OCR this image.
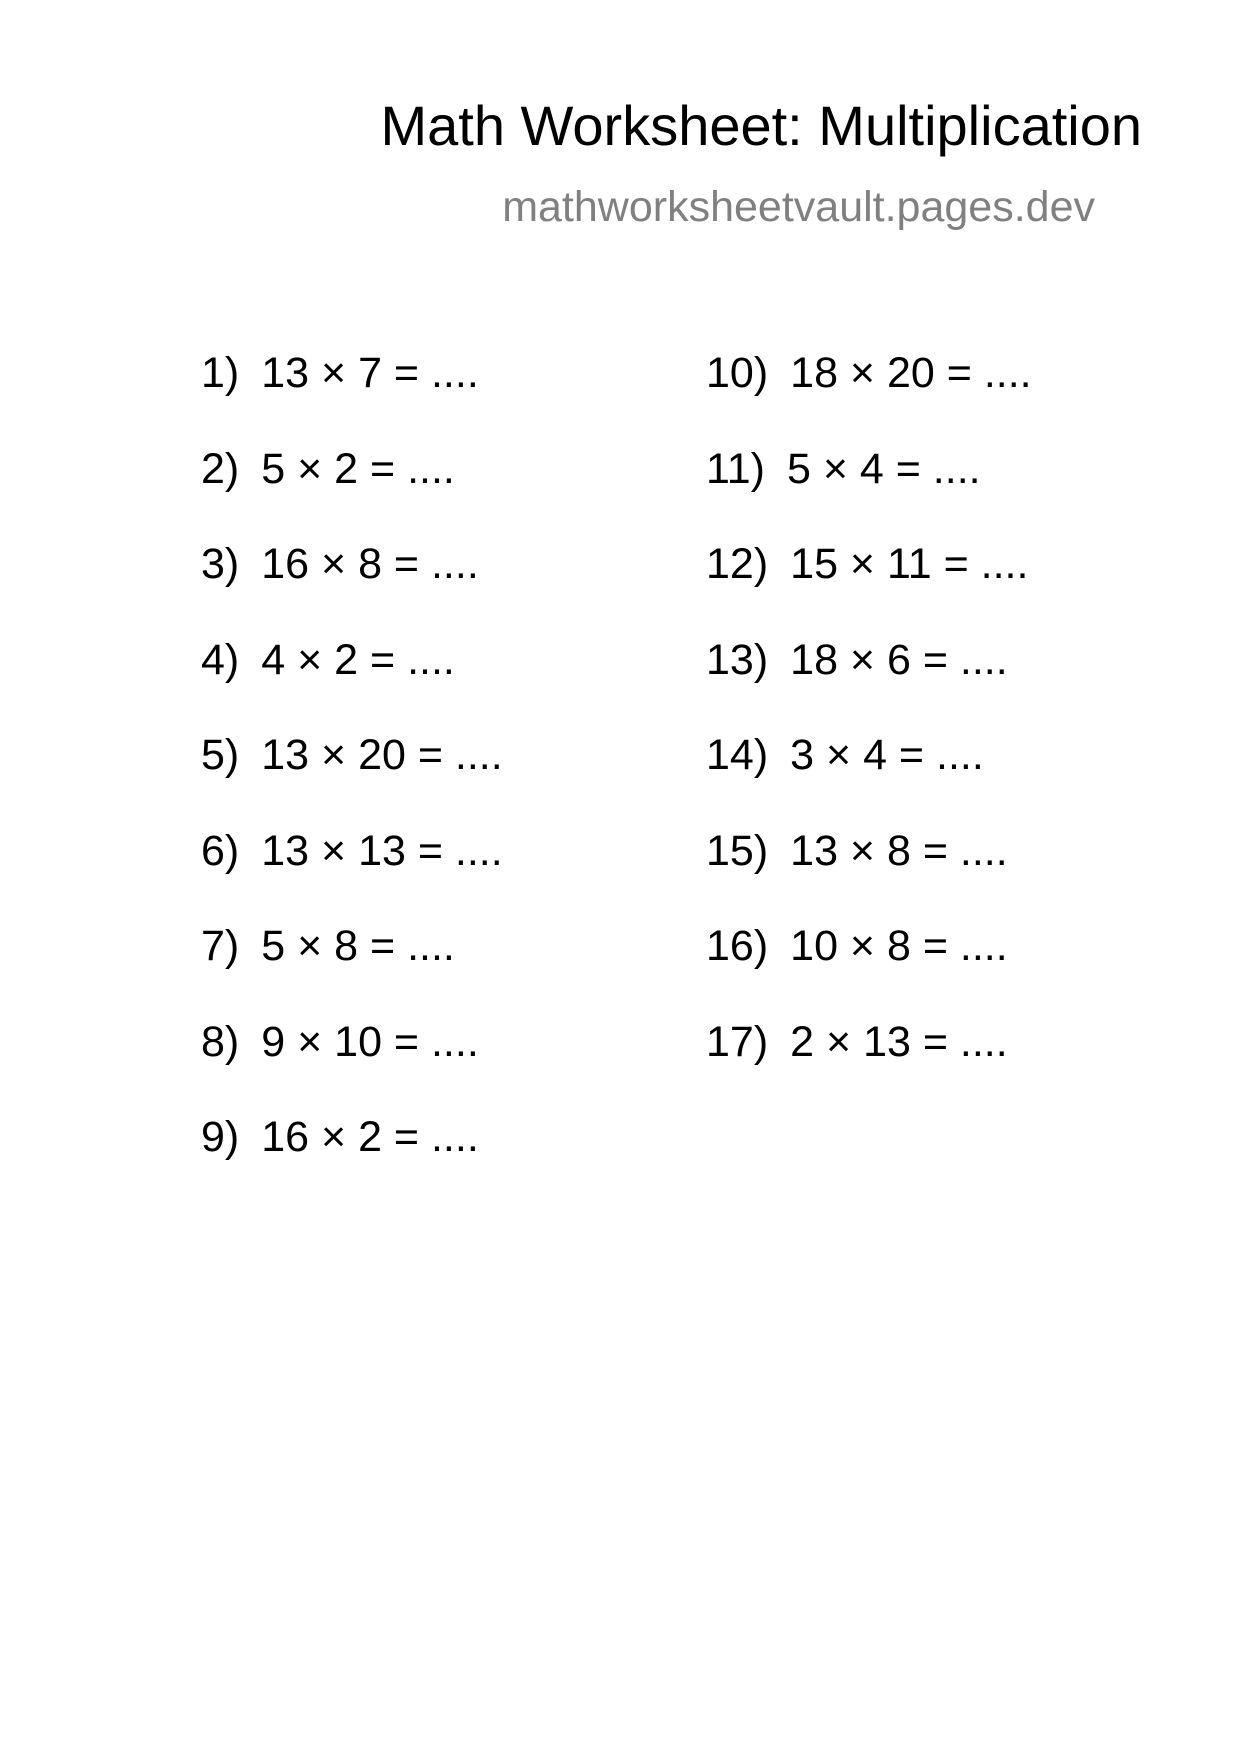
Math Worksheet: Multiplication
mathworksheetvault.pages.dev
1) 13 × 7 = ....
2) 5 × 2 = ....
3) 16 × 8 = ....
4) 4 × 2 = ....
5) 13 × 20 = ....
6) 13 × 13 = ....
7) 5 × 8 = ....
8) 9 × 10 = ....
9) 16 × 2 = ....
10) 18 × 20 = ....
11) 5 × 4 = ....
12) 15 × 11 = ....
13) 18 × 6 = ....
14) 3 × 4 = ....
15) 13 × 8 = ....
16) 10 × 8 = ....
17) 2 × 13 = ....
